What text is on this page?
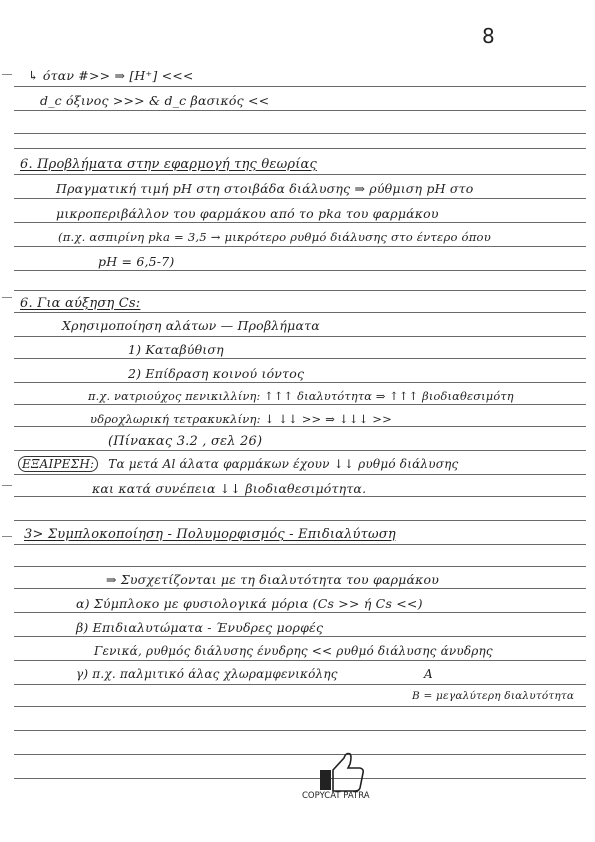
8
↳ όταν #>> ⇒ [H⁺] <<<
d_c όξινος >>> & d_c βασικός <<
6. Προβλήματα στην εφαρμογή της θεωρίας
Πραγματική τιμή pH στη στοιβάδα διάλυσης ⇒ ρύθμιση pH στο
μικροπεριβάλλον του φαρμάκου από το pka του φαρμάκου
(π.χ. ασπιρίνη pka = 3,5 → μικρότερο ρυθμό διάλυσης στο έντερο όπου
pH = 6,5-7)
6. Για αύξηση Cs:
Χρησιμοποίηση αλάτων — Προβλήματα
1) Καταβύθιση
2) Επίδραση κοινού ιόντος
π.χ. νατριούχος πενικιλλίνη: ↑↑↑ διαλυτότητα ⇒ ↑↑↑ βιοδιαθεσιμότη
υδροχλωρική τετρακυκλίνη: ↓ ↓↓ >> ⇒ ↓↓↓ >>
(Πίνακας 3.2 , σελ 26)
ΕΞΑΙΡΕΣΗ: Τα μετά Al άλατα φαρμάκων έχουν ↓↓ ρυθμό διάλυσης
και κατά συνέπεια ↓↓ βιοδιαθεσιμότητα.
3> Συμπλοκοποίηση - Πολυμορφισμός - Επιδιαλύτωση
⇒ Συσχετίζονται με τη διαλυτότητα του φαρμάκου
α) Σύμπλοκο με φυσιολογικά μόρια (Cs >> ή Cs <<)
β) Επιδιαλυτώματα - Ένυδρες μορφές
Γενικά, ρυθμός διάλυσης ένυδρης << ρυθμό διάλυσης άνυδρης
γ) π.χ. παλμιτικό άλας χλωραμφενικόλης	A
B = μεγαλύτερη διαλυτότητα
COPYCAT PATRA
